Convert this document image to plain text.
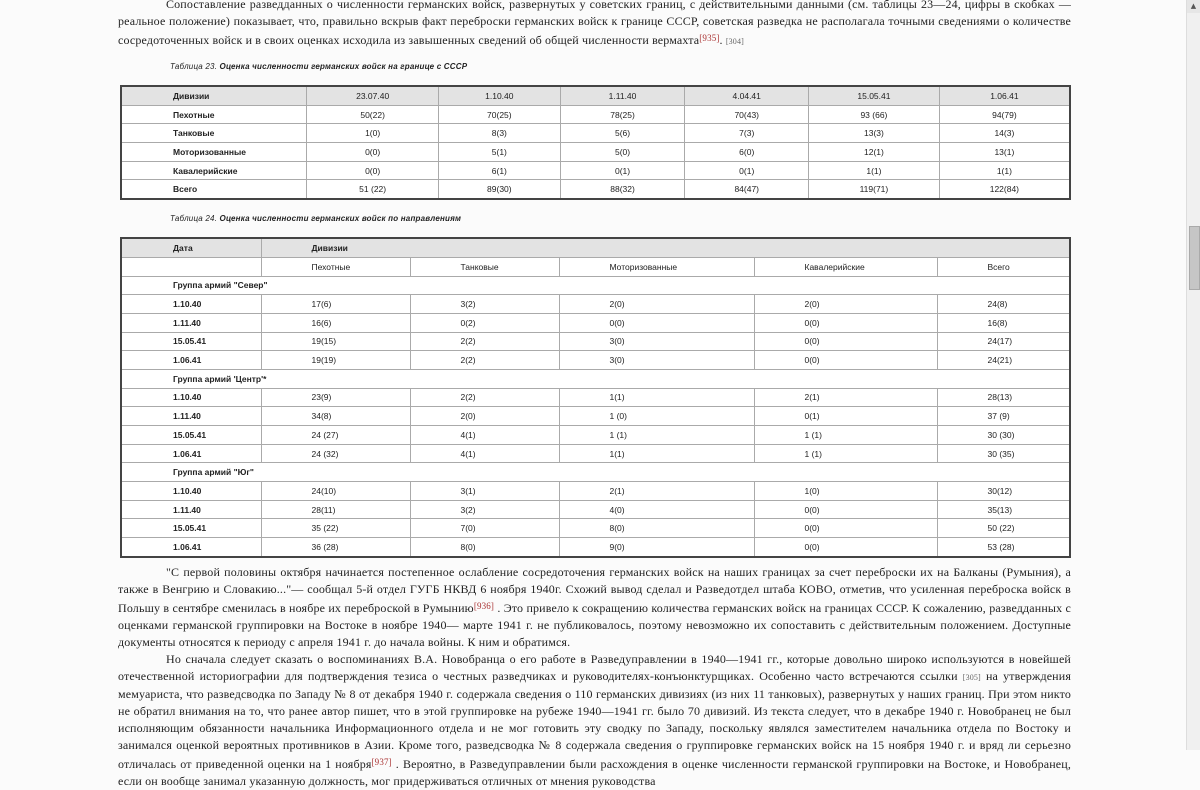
Сопоставление разведданных о численности германских войск, развернутых у советских границ, с действительными данными (см. таблицы 23—24, цифры в скобках — реальное положение) показывает, что, правильно вскрыв факт переброски германских войск к границе СССР, советская разведка не располагала точными сведениями о количестве сосредоточенных войск и в своих оценках исходила из завышенных сведений об общей численности вермахта[935]. [304]

Таблица 23. Оценка численности германских войск на границе с СССР

Дивизии	23.07.40	1.10.40	1.11.40	4.04.41	15.05.41	1.06.41
Пехотные	50(22)	70(25)	78(25)	70(43)	93 (66)	94(79)
Танковые	1(0)	8(3)	5(6)	7(3)	13(3)	14(3)
Моторизованные	0(0)	5(1)	5(0)	6(0)	12(1)	13(1)
Кавалерийские	0(0)	6(1)	0(1)	0(1)	1(1)	1(1)
Всего	51 (22)	89(30)	88(32)	84(47)	119(71)	122(84)

Таблица 24. Оценка численности германских войск по направлениям

Дата	Дивизии				
	Пехотные	Танковые	Моторизованные	Кавалерийские	Всего
Группа армий "Север"					
1.10.40	17(6)	3(2)	2(0)	2(0)	24(8)
1.11.40	16(6)	0(2)	0(0)	0(0)	16(8)
15.05.41	19(15)	2(2)	3(0)	0(0)	24(17)
1.06.41	19(19)	2(2)	3(0)	0(0)	24(21)
Группа армий 'Центр'*					
1.10.40	23(9)	2(2)	1(1)	2(1)	28(13)
1.11.40	34(8)	2(0)	1 (0)	0(1)	37 (9)
15.05.41	24 (27)	4(1)	1 (1)	1 (1)	30 (30)
1.06.41	24 (32)	4(1)	1(1)	1 (1)	30 (35)
Группа армий "Юг"					
1.10.40	24(10)	3(1)	2(1)	1(0)	30(12)
1.11.40	28(11)	3(2)	4(0)	0(0)	35(13)
15.05.41	35 (22)	7(0)	8(0)	0(0)	50 (22)
1.06.41	36 (28)	8(0)	9(0)	0(0)	53 (28)

"С первой половины октября начинается постепенное ослабление сосредоточения германских войск на наших границах за счет переброски их на Балканы (Румыния), а также в Венгрию и Словакию..."— сообщал 5-й отдел ГУГБ НКВД 6 ноября 1940г. Схожий вывод сделал и Разведотдел штаба КОВО, отметив, что усиленная переброска войск в Польшу в сентябре сменилась в ноябре их переброской в Румынию[936] . Это привело к сокращению количества германских войск на границах СССР. К сожалению, разведданных с оценками германской группировки на Востоке в ноябре 1940— марте 1941 г. не публиковалось, поэтому невозможно их сопоставить с действительным положением. Доступные документы относятся к периоду с апреля 1941 г. до начала войны. К ним и обратимся.

Но сначала следует сказать о воспоминаниях В.А. Новобранца о его работе в Разведуправлении в 1940—1941 гг., которые довольно широко используются в новейшей отечественной историографии для подтверждения тезиса о честных разведчиках и руководителях-конъюнктурщиках. Особенно часто встречаются ссылки [305] на утверждения мемуариста, что разведсводка по Западу № 8 от декабря 1940 г. содержала сведения о 110 германских дивизиях (из них 11 танковых), развернутых у наших границ. При этом никто не обратил внимания на то, что ранее автор пишет, что в этой группировке на рубеже 1940—1941 гг. было 70 дивизий. Из текста следует, что в декабре 1940 г. Новобранец не был исполняющим обязанности начальника Информационного отдела и не мог готовить эту сводку по Западу, поскольку являлся заместителем начальника отдела по Востоку и занимался оценкой вероятных противников в Азии. Кроме того, разведсводка № 8 содержала сведения о группировке германских войск на 15 ноября 1940 г. и вряд ли серьезно отличалась от приведенной оценки на 1 ноября[937] . Вероятно, в Разведуправлении были расхождения в оценке численности германской группировки на Востоке, и Новобранец, если он вообще занимал указанную должность, мог придерживаться отличных от мнения руководства

▲
